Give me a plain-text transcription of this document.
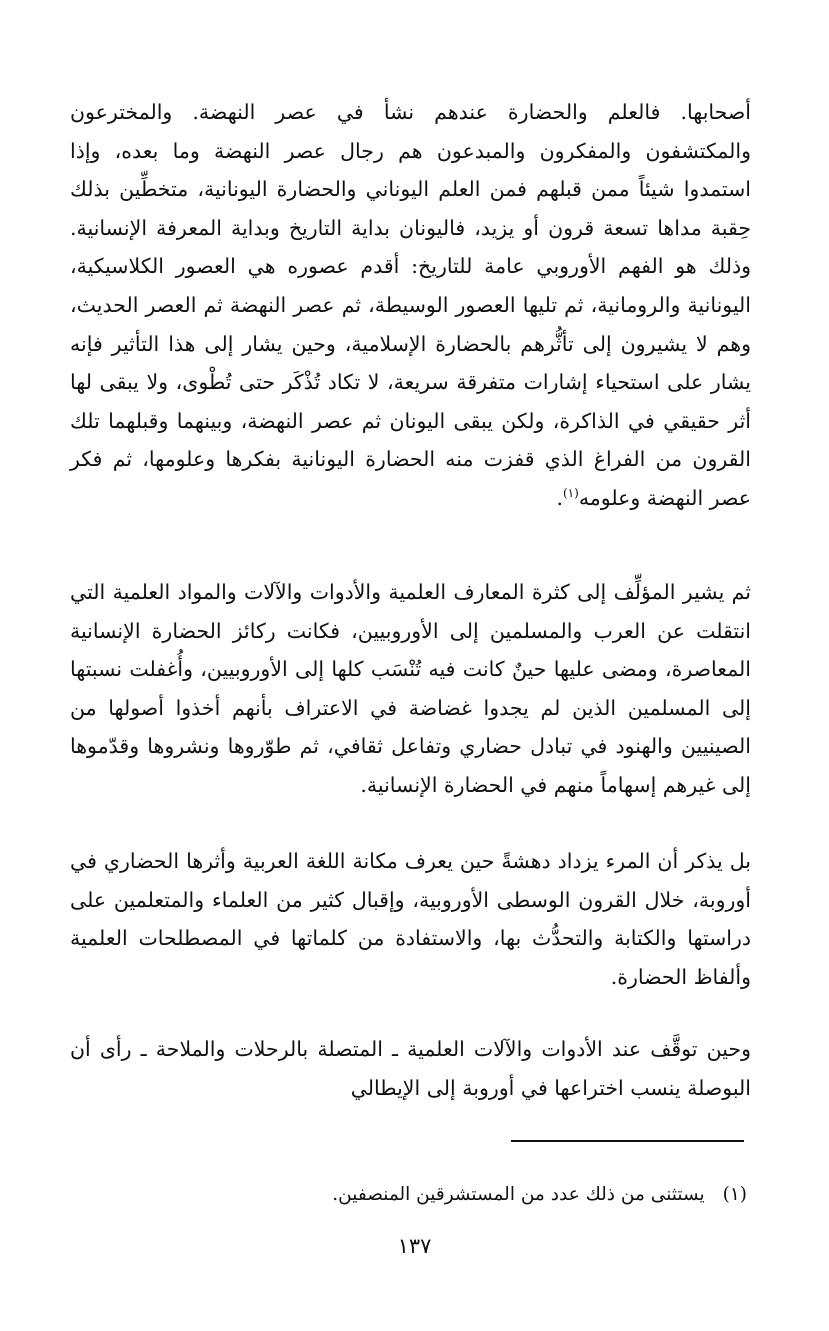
أصحابها. فالعلم والحضارة عندهم نشأ في عصر النهضة. والمخترعون والمكتشفون والمفكرون والمبدعون هم رجال عصر النهضة وما بعده، وإذا استمدوا شيئاً ممن قبلهم فمن العلم اليوناني والحضارة اليونانية، متخطِّين بذلك حِقبة مداها تسعة قرون أو يزيد، فاليونان بداية التاريخ وبداية المعرفة الإنسانية. وذلك هو الفهم الأوروبي عامة للتاريخ: أقدم عصوره هي العصور الكلاسيكية، اليونانية والرومانية، ثم تليها العصور الوسيطة، ثم عصر النهضة ثم العصر الحديث، وهم لا يشيرون إلى تأثُّرهم بالحضارة الإسلامية، وحين يشار إلى هذا التأثير فإنه يشار على استحياء إشارات متفرقة سريعة، لا تكاد تُذْكَر حتى تُطْوى، ولا يبقى لها أثر حقيقي في الذاكرة، ولكن يبقى اليونان ثم عصر النهضة، وبينهما وقبلهما تلك القرون من الفراغ الذي قفزت منه الحضارة اليونانية بفكرها وعلومها، ثم فكر عصر النهضة وعلومه$^{(١)}$.

ثم يشير المؤلِّف إلى كثرة المعارف العلمية والأدوات والآلات والمواد العلمية التي انتقلت عن العرب والمسلمين إلى الأوروبيين، فكانت ركائز الحضارة الإنسانية المعاصرة، ومضى عليها حينٌ كانت فيه تُنْسَب كلها إلى الأوروبيين، وأُغفلت نسبتها إلى المسلمين الذين لم يجدوا غضاضة في الاعتراف بأنهم أخذوا أصولها من الصينيين والهنود في تبادل حضاري وتفاعل ثقافي، ثم طوّروها ونشروها وقدّموها إلى غيرهم إسهاماً منهم في الحضارة الإنسانية.

بل يذكر أن المرء يزداد دهشةً حين يعرف مكانة اللغة العربية وأثرها الحضاري في أوروبة، خلال القرون الوسطى الأوروبية، وإقبال كثير من العلماء والمتعلمين على دراستها والكتابة والتحدُّث بها، والاستفادة من كلماتها في المصطلحات العلمية وألفاظ الحضارة.

وحين توقَّف عند الأدوات والآلات العلمية ـ المتصلة بالرحلات والملاحة ـ رأى أن البوصلة ينسب اختراعها في أوروبة إلى الإيطالي

(١)يستثنى من ذلك عدد من المستشرقين المنصفين.

١٣٧
